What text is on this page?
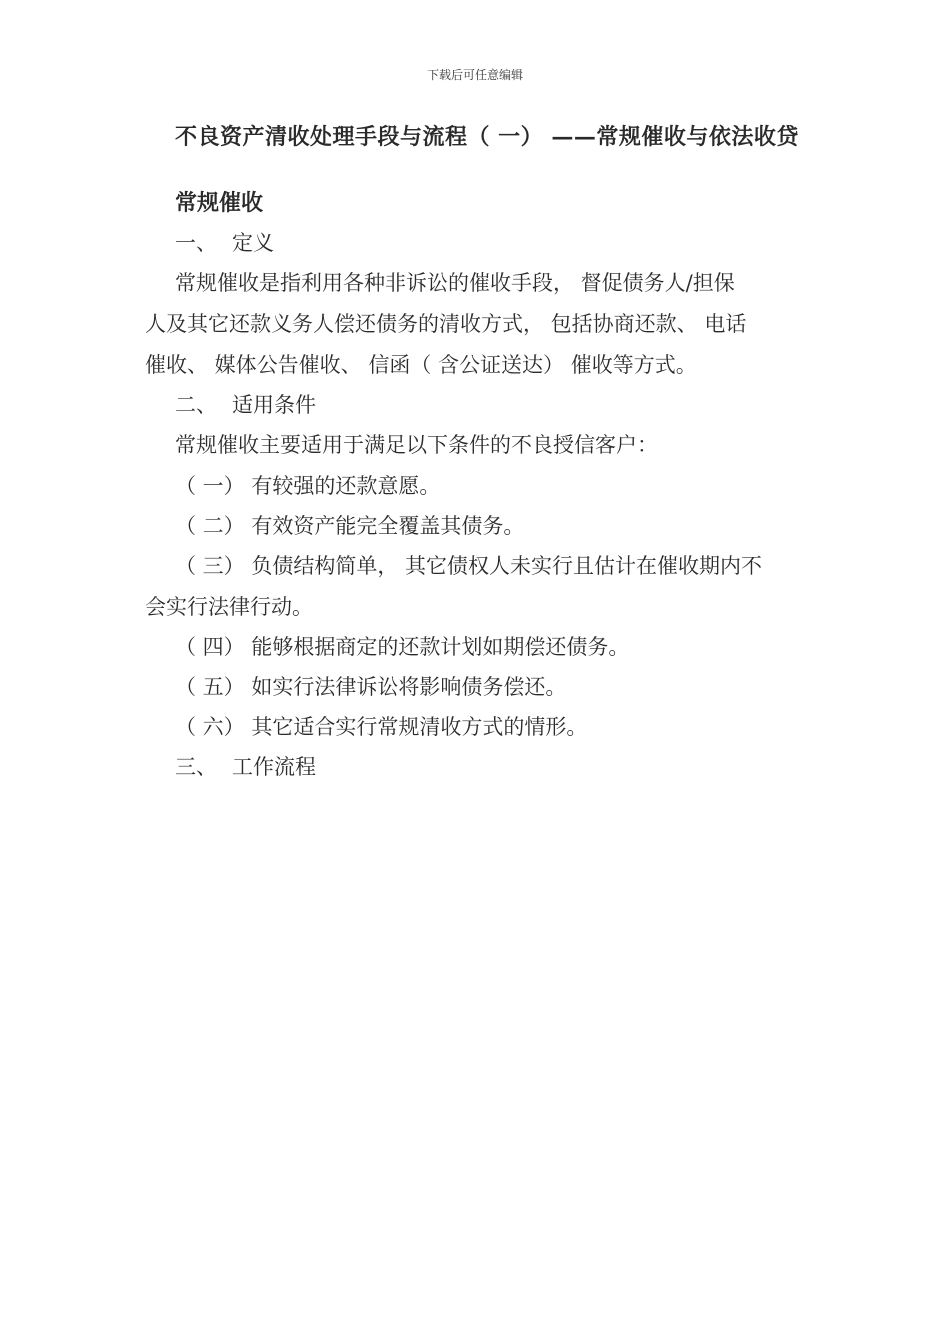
下载后可任意编辑
不良资产清收处理手段与流程（ 一） ——常规催收与依法收贷
常规催收
一、 定义
常规催收是指利用各种非诉讼的催收手段， 督促债务人/担保
人及其它还款义务人偿还债务的清收方式， 包括协商还款、 电话
催收、 媒体公告催收、 信函（ 含公证送达） 催收等方式。
二、 适用条件
常规催收主要适用于满足以下条件的不良授信客户：
（ 一） 有较强的还款意愿。
（ 二） 有效资产能完全覆盖其债务。
（ 三） 负债结构简单， 其它债权人未实行且估计在催收期内不
会实行法律行动。
（ 四） 能够根据商定的还款计划如期偿还债务。
（ 五） 如实行法律诉讼将影响债务偿还。
（ 六） 其它适合实行常规清收方式的情形。
三、 工作流程
